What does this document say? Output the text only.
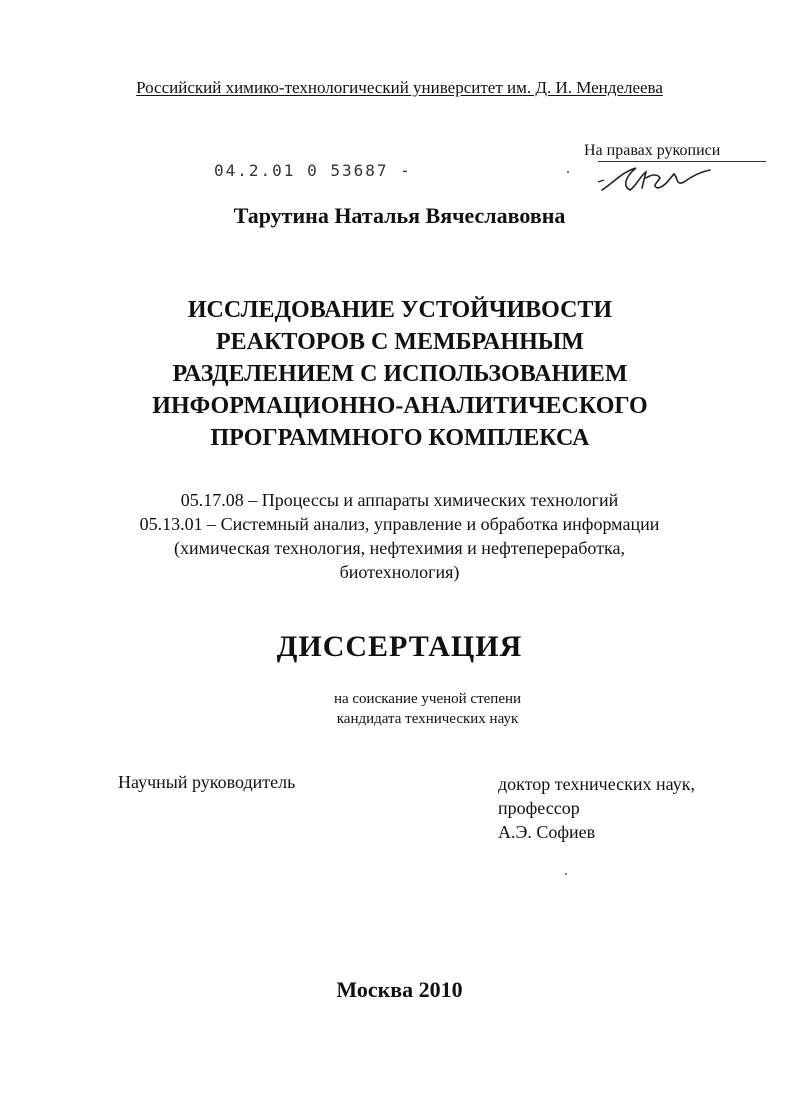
Российский химико-технологический университет им. Д. И. Менделеева
04.2.01 0 53687 -
На правах рукописи
Тарутина Наталья Вячеславовна
ИССЛЕДОВАНИЕ УСТОЙЧИВОСТИ
РЕАКТОРОВ С МЕМБРАННЫМ
РАЗДЕЛЕНИЕМ С ИСПОЛЬЗОВАНИЕМ
ИНФОРМАЦИОННО-АНАЛИТИЧЕСКОГО
ПРОГРАММНОГО КОМПЛЕКСА
05.17.08 – Процессы и аппараты химических технологий
05.13.01 – Системный анализ, управление и обработка информации
(химическая технология, нефтехимия и нефтепереработка,
биотехнология)
ДИССЕРТАЦИЯ
на соискание ученой степени
кандидата технических наук
Научный руководитель	доктор технических наук,
профессор
А.Э. Софиев
Москва 2010
